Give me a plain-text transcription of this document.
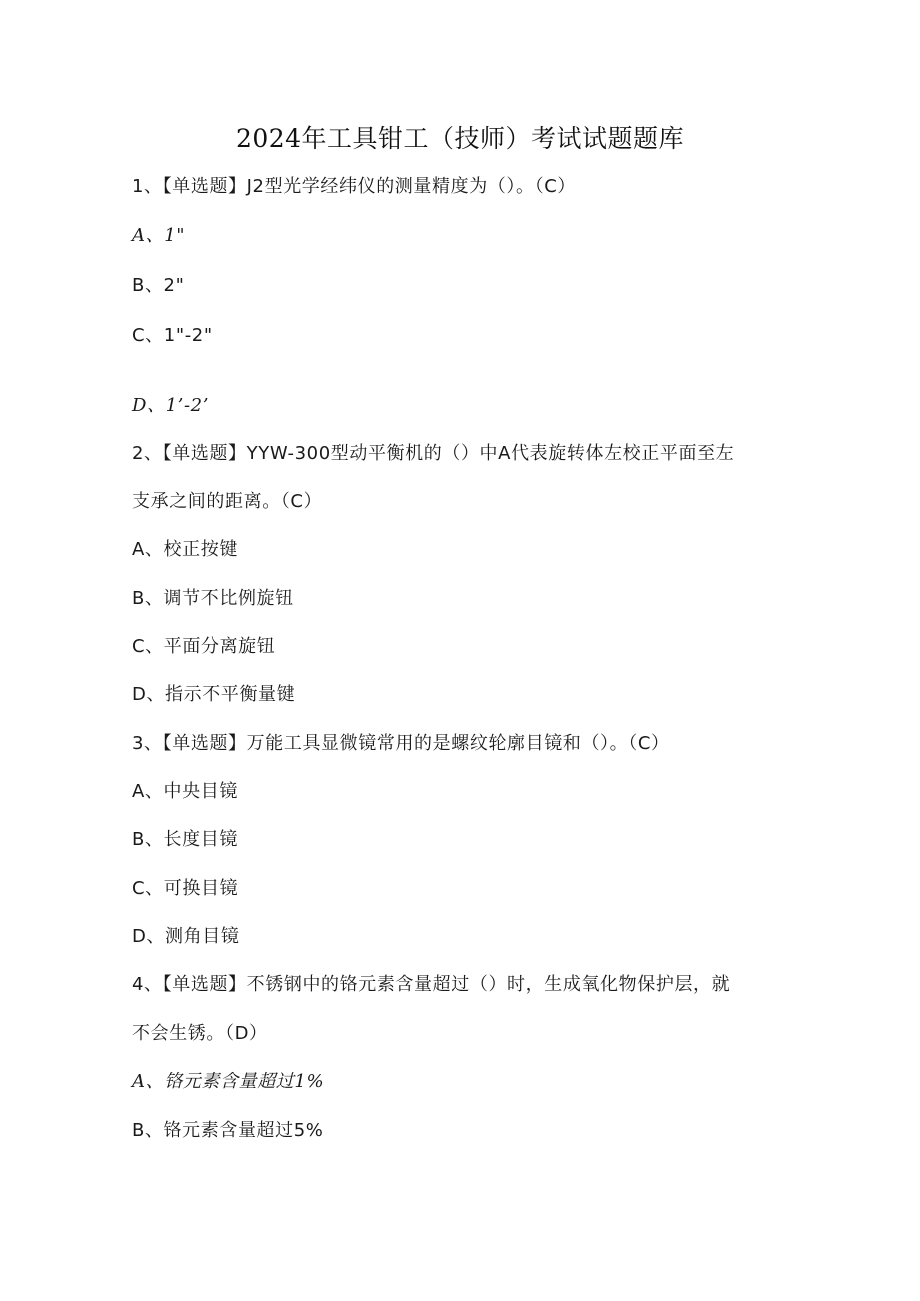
2024年工具钳工（技师）考试试题题库
1、【单选题】J2型光学经纬仪的测量精度为（）。（C）
A、1"
B、2"
C、1"-2"
D、1’-2’
2、【单选题】YYW-300型动平衡机的（）中A代表旋转体左校正平面至左
支承之间的距离。（C）
A、校正按键
B、调节不比例旋钮
C、平面分离旋钮
D、指示不平衡量键
3、【单选题】万能工具显微镜常用的是螺纹轮廓目镜和（）。（C）
A、中央目镜
B、长度目镜
C、可换目镜
D、测角目镜
4、【单选题】不锈钢中的铬元素含量超过（）时，生成氧化物保护层，就
不会生锈。（D）
A、铬元素含量超过1%
B、铬元素含量超过5%
